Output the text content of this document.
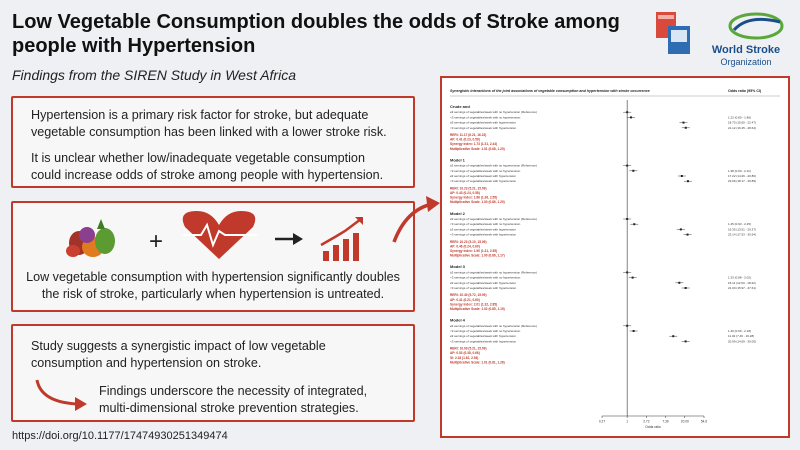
Low Vegetable Consumption doubles the odds of Stroke among people with Hypertension
Findings from the SIREN Study in West Africa
World Stroke
Organization

Hypertension is a primary risk factor for stroke, but adequate vegetable consumption has been linked with a lower stroke risk.

It is unclear whether low/inadequate vegetable consumption could increase odds of stroke among people with hypertension.

+
Low vegetable consumption with hypertension significantly doubles the risk of stroke, particularly when hypertension is untreated.

Study suggests a synergistic impact of low vegetable consumption and hypertension on stroke.

Findings underscore the necessity of integrated, multi-dimensional stroke prevention strategies.

https://doi.org/10.1177/17474930251349474
Synergistic interactions of the joint associations of vegetable consumption and hypertension with stroke occurrence	Odds ratio (95% CI)
Crude and
≥3 servings of vegetables/week with no hypertension (Reference)
<3 servings of vegetables/week with no hypertension	1.22 (0.80 - 1.86)
≥3 servings of vegetables/week with hypertension	18.75 (15.65 - 22.47)
<3 servings of vegetables/week with hypertension	21.12 (16.45 - 28.64)
RERI: 11.17 (6.21, 16.22)
AP: 0.41 (0.23, 0.59)
Synergy index: 1.73 (1.31, 2.44)
Multiplicative Scale: 1.01 (0.68, 1.20)
Model 1
≥3 servings of vegetables/week with no hypertension (Reference)
<3 servings of vegetables/week with no hypertension	1.38 (0.90 - 2.11)
≥3 servings of vegetables/week with hypertension	17.22 (14.26 - 20.80)
<3 servings of vegetables/week with hypertension	23.69 (18.17 - 30.89)
RERI: 10.23 (5.21, 15.09)
AP: 0.43 (0.24, 0.58)
Synergy index: 1.86 (1.36, 2.55)
Multiplicative Scale: 1.00 (0.86, 1.20)
Model 2
≥3 servings of vegetables/week with no hypertension (Reference)
<3 servings of vegetables/week with no hypertension	1.45 (0.93 - 2.25)
≥3 servings of vegetables/week with hypertension	16.35 (13.51 - 20.37)
<3 servings of vegetables/week with hypertension	23.14 (17.53 - 30.54)
RERI: 10.23 (5.10, 15.09)
AP: 0.46 (0.24, 0.60)
Synergy index: 1.90 (1.31, 2.55)
Multiplicative Scale: 1.00 (0.86, 1.17)
Model 3
≥3 servings of vegetables/week with no hypertension (Reference)
<3 servings of vegetables/week with no hypertension	1.33 (0.88 - 2.02)
≥3 servings of vegetables/week with hypertension	15.11 (12.53 - 18.22)
<3 servings of vegetables/week with hypertension	21.00 (15.97 - 27.61)
RERI: 10.40 (5.72, 15.09)
AP: 0.41 (0.21, 0.60)
Synergy index: 2.01 (1.32, 2.85)
Multiplicative Scale: 1.02 (0.85, 1.19)
Model 4
≥3 servings of vegetables/week with no hypertension (Reference)
<3 servings of vegetables/week with no hypertension	1.40 (0.90 - 2.18)
≥3 servings of vegetables/week with hypertension	11.02 (7.46 - 16.28)
<3 servings of vegetables/week with hypertension	20.99 (14.69 - 30.00)
RERI: 10.09 (5.21, 15.09)
AP: 0.53 (0.38, 0.66)
SI: 2.18 (1.62, 2.93)
Multiplicative Scale: 1.01 (0.81, 1.26)
0.27	1	2.72	7.39	20.09	54.6
Odds ratio
